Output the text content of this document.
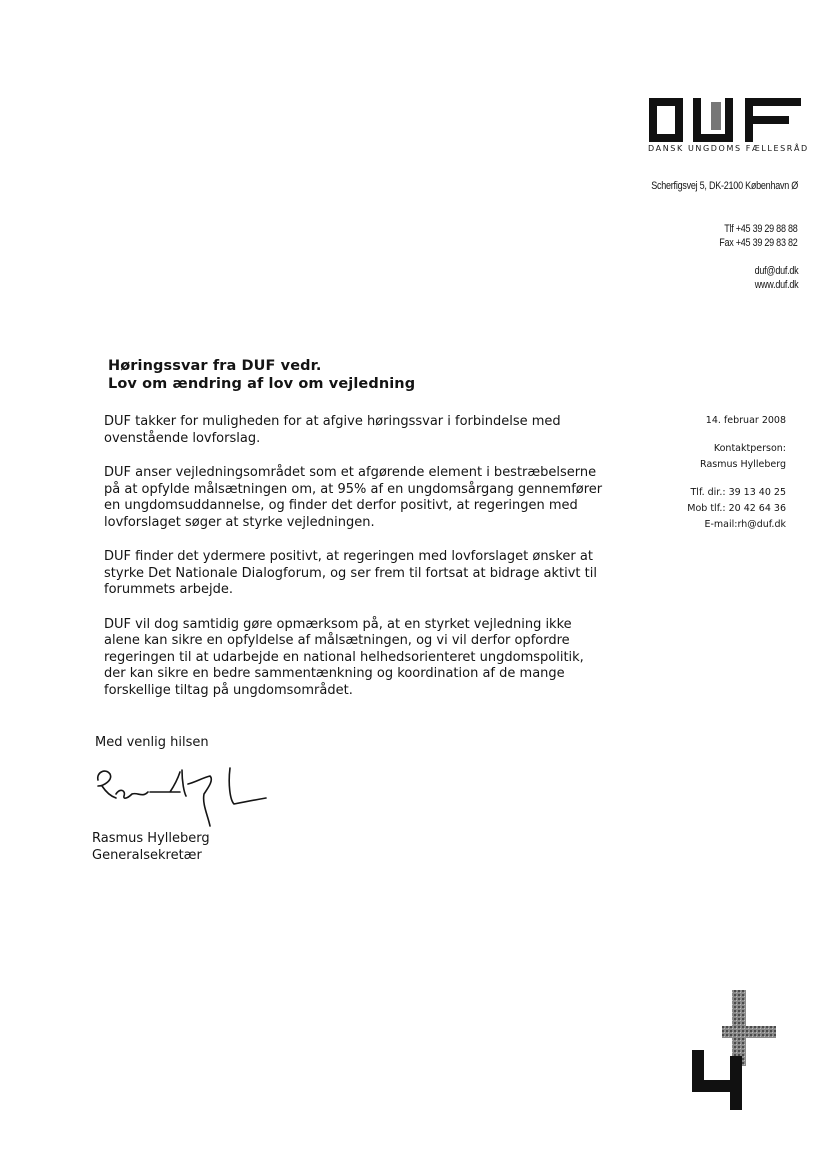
DANSK UNGDOMS FÆLLESRÅD
Scherfigsvej 5, DK-2100 København Ø
Tlf +45 39 29 88 88
Fax +45 39 29 83 82
duf@duf.dk
www.duf.dk
Høringssvar fra DUF vedr.
Lov om ændring af lov om vejledning

DUF takker for muligheden for at afgive høringssvar i forbindelse med ovenstående lovforslag.

DUF anser vejledningsområdet som et afgørende element i bestræbelserne på at opfylde målsætningen om, at 95% af en ungdomsårgang gennemfører en ungdomsuddannelse, og finder det derfor positivt, at regeringen med lovforslaget søger at styrke vejledningen.

DUF finder det ydermere positivt, at regeringen med lovforslaget ønsker at styrke Det Nationale Dialogforum, og ser frem til fortsat at bidrage aktivt til forummets arbejde.

DUF vil dog samtidig gøre opmærksom på, at en styrket vejledning ikke alene kan sikre en opfyldelse af målsætningen, og vi vil derfor opfordre regeringen til at udarbejde en national helhedsorienteret ungdomspolitik, der kan sikre en bedre sammentænkning og koordination af de mange forskellige tiltag på ungdomsområdet.

14. februar 2008
Kontaktperson:
Rasmus Hylleberg
Tlf. dir.: 39 13 40 25
Mob tlf.: 20 42 64 36
E-mail:rh@duf.dk
Med venlig hilsen
Rasmus Hylleberg
Generalsekretær
